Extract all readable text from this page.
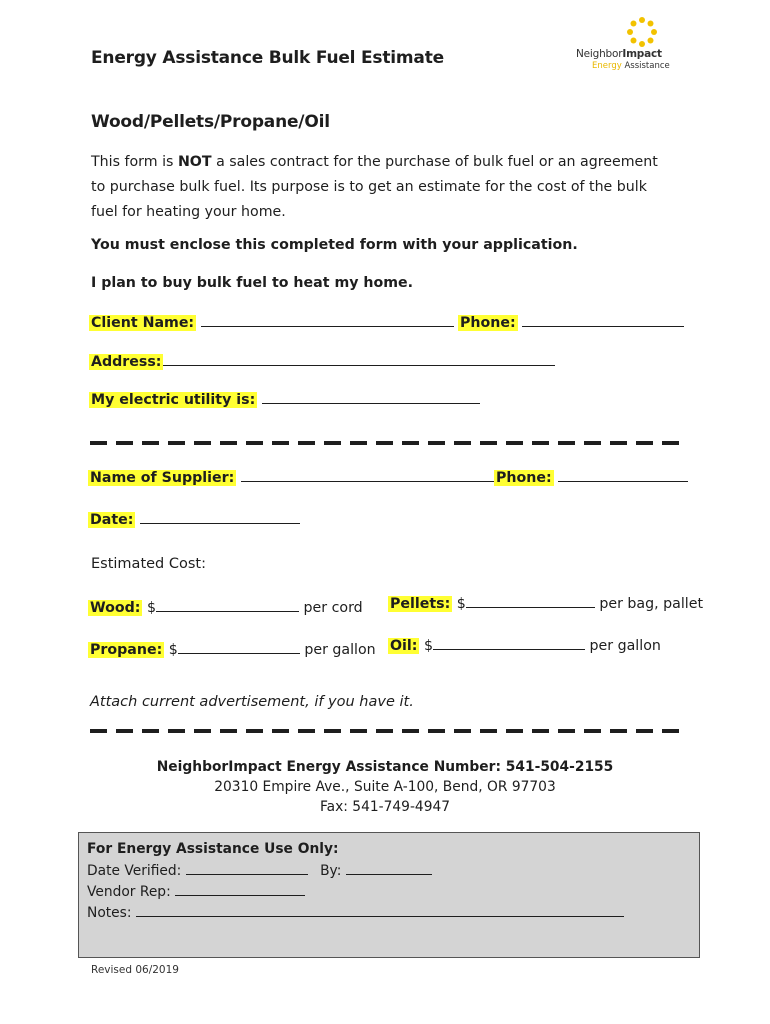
Energy Assistance Bulk Fuel Estimate	NeighborImpact
Energy Assistance
Wood/Pellets/Propane/Oil
This form is NOT a sales contract for the purchase of bulk fuel or an agreement to purchase bulk fuel. Its purpose is to get an estimate for the cost of the bulk fuel for heating your home.
You must enclose this completed form with your application.
I plan to buy bulk fuel to heat my home.
Client Name:	Phone:
Address:
My electric utility is:
Name of Supplier:	Phone:
Date:
Estimated Cost:
Wood: $	per cord Pellets: $	per bag, pallet
Propane: $	per gallon Oil: $	per gallon
Attach current advertisement, if you have it.
NeighborImpact Energy Assistance Number: 541-504-2155
20310 Empire Ave., Suite A-100, Bend, OR 97703
Fax: 541-749-4947
For Energy Assistance Use Only:
Date Verified:	By:
Vendor Rep:
Notes:
Revised 06/2019
